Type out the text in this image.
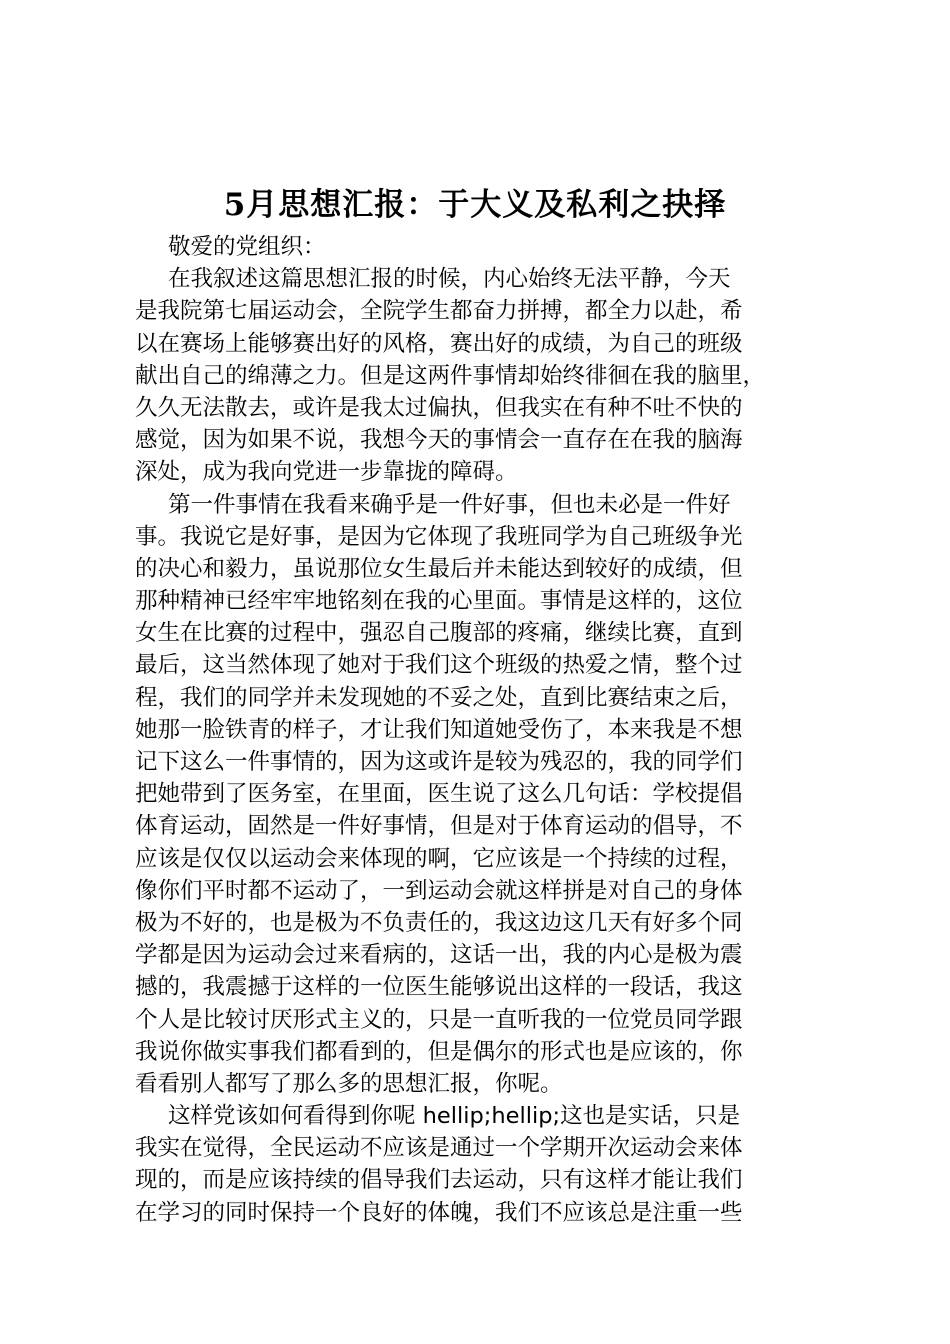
5月思想汇报：于大义及私利之抉择
敬爱的党组织：
在我叙述这篇思想汇报的时候，内心始终无法平静，今天
是我院第七届运动会，全院学生都奋力拼搏，都全力以赴，希
以在赛场上能够赛出好的风格，赛出好的成绩，为自己的班级
献出自己的绵薄之力。但是这两件事情却始终徘徊在我的脑里，
久久无法散去，或许是我太过偏执，但我实在有种不吐不快的
感觉，因为如果不说，我想今天的事情会一直存在在我的脑海
深处，成为我向党进一步靠拢的障碍。
第一件事情在我看来确乎是一件好事，但也未必是一件好
事。我说它是好事，是因为它体现了我班同学为自己班级争光
的决心和毅力，虽说那位女生最后并未能达到较好的成绩，但
那种精神已经牢牢地铭刻在我的心里面。事情是这样的，这位
女生在比赛的过程中，强忍自己腹部的疼痛，继续比赛，直到
最后，这当然体现了她对于我们这个班级的热爱之情，整个过
程，我们的同学并未发现她的不妥之处，直到比赛结束之后，
她那一脸铁青的样子，才让我们知道她受伤了，本来我是不想
记下这么一件事情的，因为这或许是较为残忍的，我的同学们
把她带到了医务室，在里面，医生说了这么几句话：学校提倡
体育运动，固然是一件好事情，但是对于体育运动的倡导，不
应该是仅仅以运动会来体现的啊，它应该是一个持续的过程，
像你们平时都不运动了，一到运动会就这样拼是对自己的身体
极为不好的，也是极为不负责任的，我这边这几天有好多个同
学都是因为运动会过来看病的，这话一出，我的内心是极为震
撼的，我震撼于这样的一位医生能够说出这样的一段话，我这
个人是比较讨厌形式主义的，只是一直听我的一位党员同学跟
我说你做实事我们都看到的，但是偶尔的形式也是应该的，你
看看别人都写了那么多的思想汇报，你呢。
这样党该如何看得到你呢 hellip;hellip;这也是实话，只是
我实在觉得，全民运动不应该是通过一个学期开次运动会来体
现的，而是应该持续的倡导我们去运动，只有这样才能让我们
在学习的同时保持一个良好的体魄，我们不应该总是注重一些
